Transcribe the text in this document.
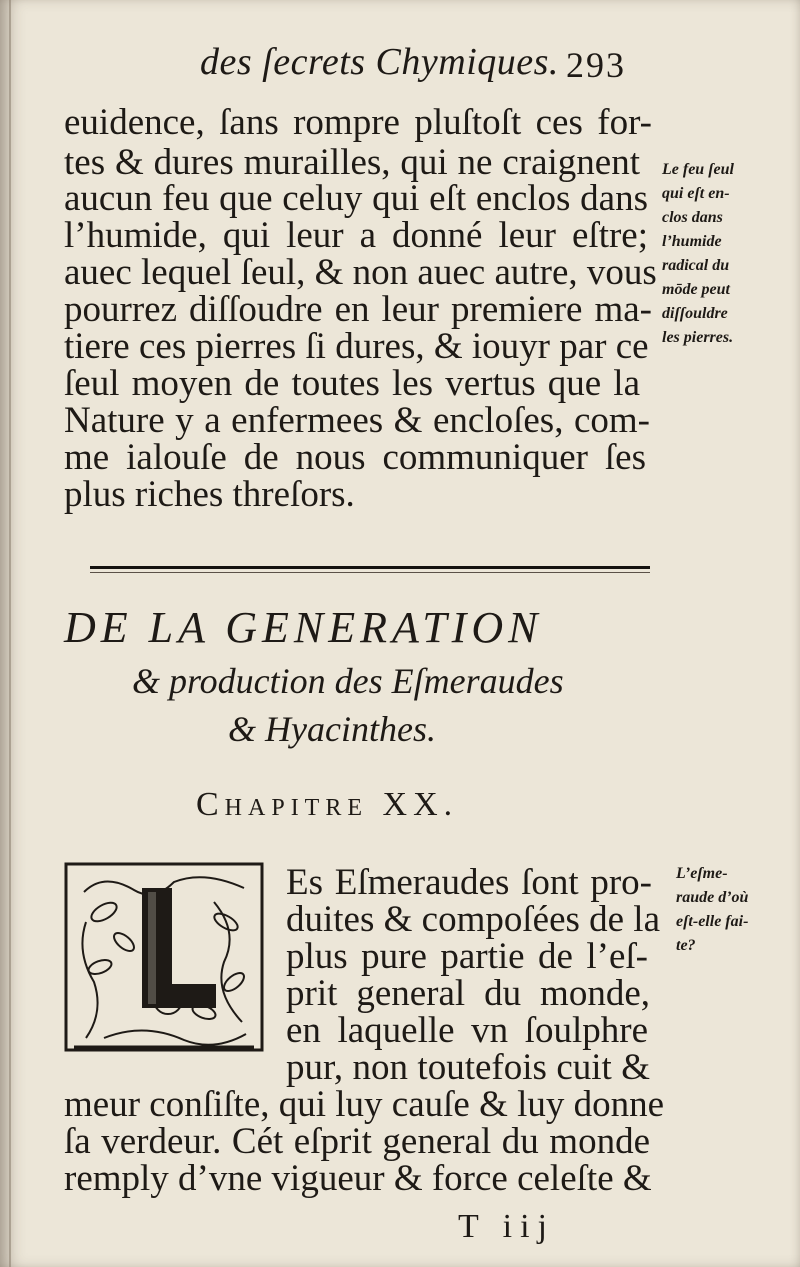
des ſecrets Chymiques. 293
euidence, ſans rompre pluſtoſt ces for-
tes & dures murailles, qui ne craignent
aucun feu que celuy qui eſt enclos dans
l’humide, qui leur a donné leur eſtre;
auec lequel ſeul, & non auec autre, vous
pourrez diſſoudre en leur premiere ma-
tiere ces pierres ſi dures, & iouyr par ce
ſeul moyen de toutes les vertus que la
Nature y a enfermees & encloſes, com-
me ialouſe de nous communiquer ſes
plus riches threſors.
Le feu ſeul
qui eſt en-
clos dans
l’humide
radical du
mōde peut
diſſouldre
les pierres.
DE LA GENERATION
& production des Eſmeraudes
& Hyacinthes.
Chapitre XX.
Es Eſmeraudes ſont pro-
duites & compoſées de la
plus pure partie de l’eſ-
prit general du monde,
en laquelle vn ſoulphre
pur, non toutefois cuit &
meur conſiſte, qui luy cauſe & luy donne
ſa verdeur. Cét eſprit general du monde
remply d’vne vigueur & force celeſte &
L’eſme-
raude d’où
eſt-elle fai-
te?
T iij
